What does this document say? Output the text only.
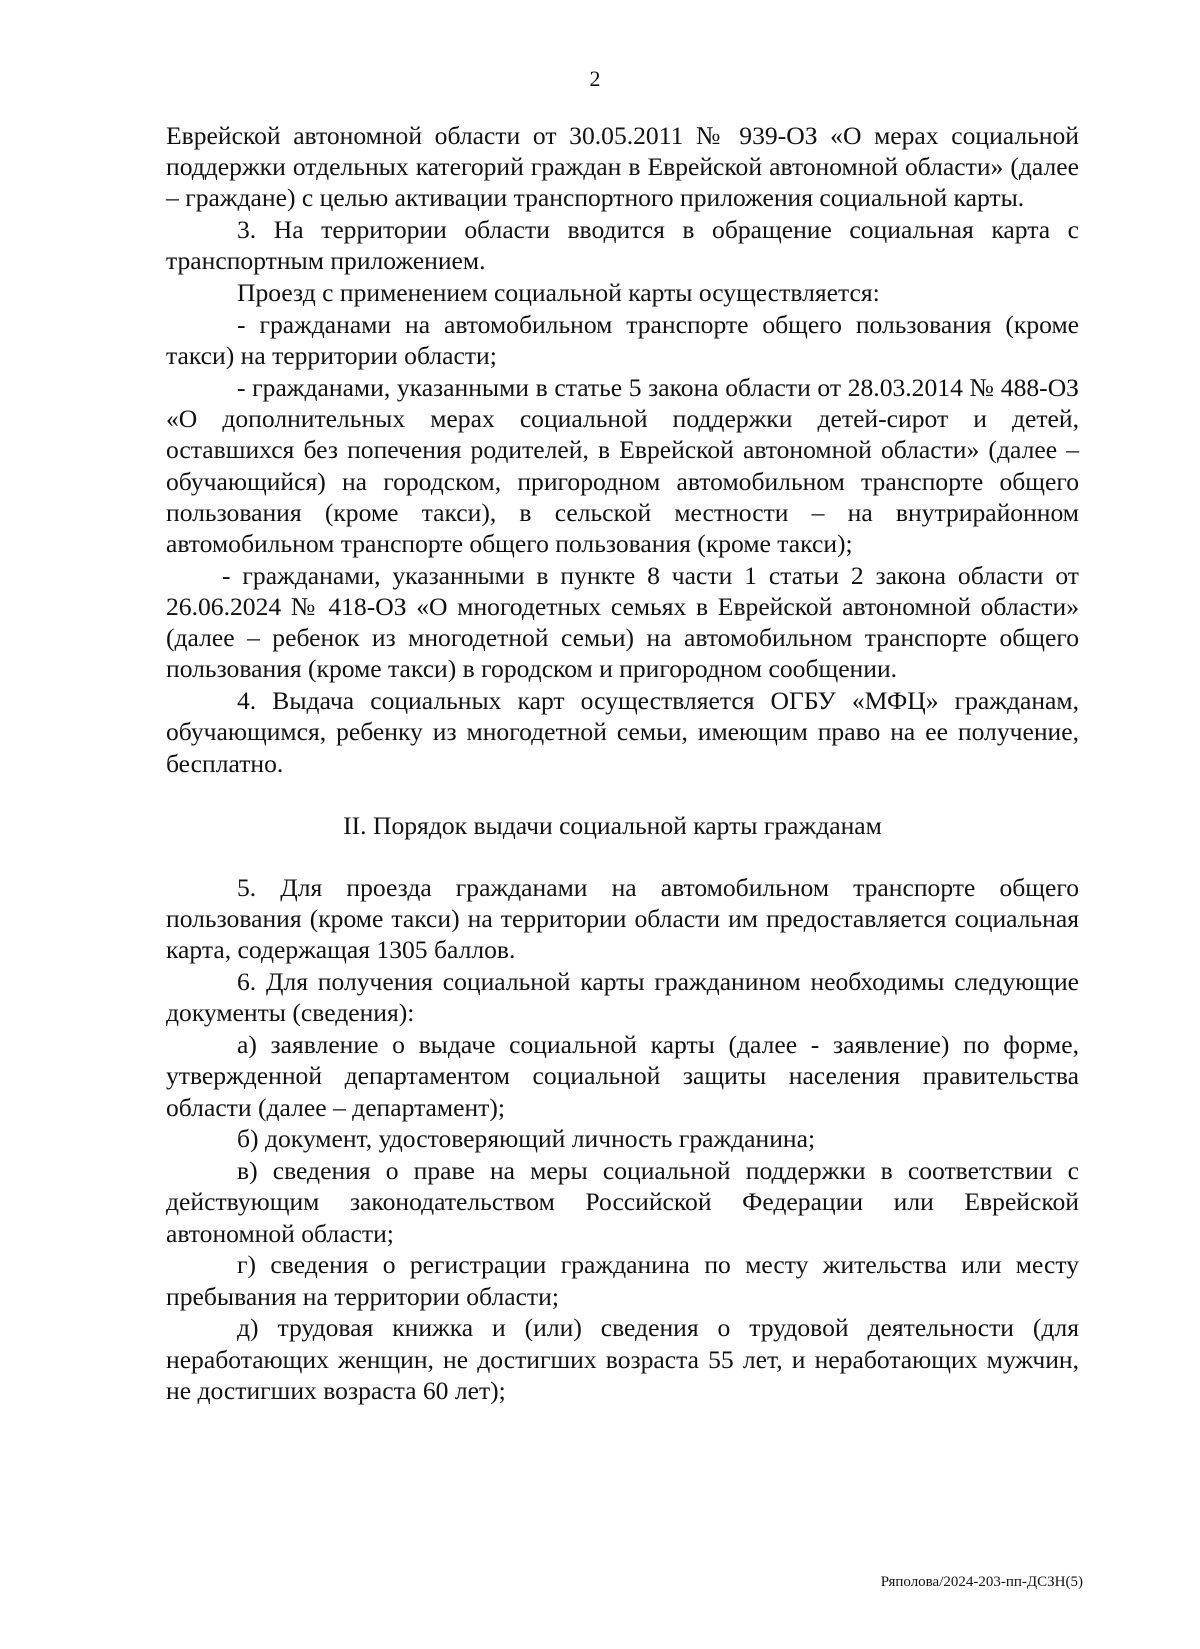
2

Еврейской автономной области от 30.05.2011 № 939-ОЗ «О мерах социальной поддержки отдельных категорий граждан в Еврейской автономной области» (далее – граждане) с целью активации транспортного приложения социальной карты.

3. На территории области вводится в обращение социальная карта с транспортным приложением.

Проезд с применением социальной карты осуществляется:

- гражданами на автомобильном транспорте общего пользования (кроме такси) на территории области;

- гражданами, указанными в статье 5 закона области от 28.03.2014 № 488-ОЗ «О дополнительных мерах социальной поддержки детей-сирот и детей, оставшихся без попечения родителей, в Еврейской автономной области» (далее – обучающийся) на городском, пригородном автомобильном транспорте общего пользования (кроме такси), в сельской местности – на внутрирайонном автомобильном транспорте общего пользования (кроме такси);

- гражданами, указанными в пункте 8 части 1 статьи 2 закона области от 26.06.2024 № 418-ОЗ «О многодетных семьях в Еврейской автономной области» (далее – ребенок из многодетной семьи) на автомобильном транспорте общего пользования (кроме такси) в городском и пригородном сообщении.

4. Выдача социальных карт осуществляется ОГБУ «МФЦ» гражданам, обучающимся, ребенку из многодетной семьи, имеющим право на ее получение, бесплатно.

II. Порядок выдачи социальной карты гражданам

5. Для проезда гражданами на автомобильном транспорте общего пользования (кроме такси) на территории области им предоставляется социальная карта, содержащая 1305 баллов.

6. Для получения социальной карты гражданином необходимы следующие документы (сведения):

а) заявление о выдаче социальной карты (далее - заявление) по форме, утвержденной департаментом социальной защиты населения правительства области (далее – департамент);

б) документ, удостоверяющий личность гражданина;

в) сведения о праве на меры социальной поддержки в соответствии с действующим законодательством Российской Федерации или Еврейской автономной области;

г) сведения о регистрации гражданина по месту жительства или месту пребывания на территории области;

д) трудовая книжка и (или) сведения о трудовой деятельности (для неработающих женщин, не достигших возраста 55 лет, и неработающих мужчин, не достигших возраста 60 лет);

Ряполова/2024-203-пп-ДСЗН(5)
